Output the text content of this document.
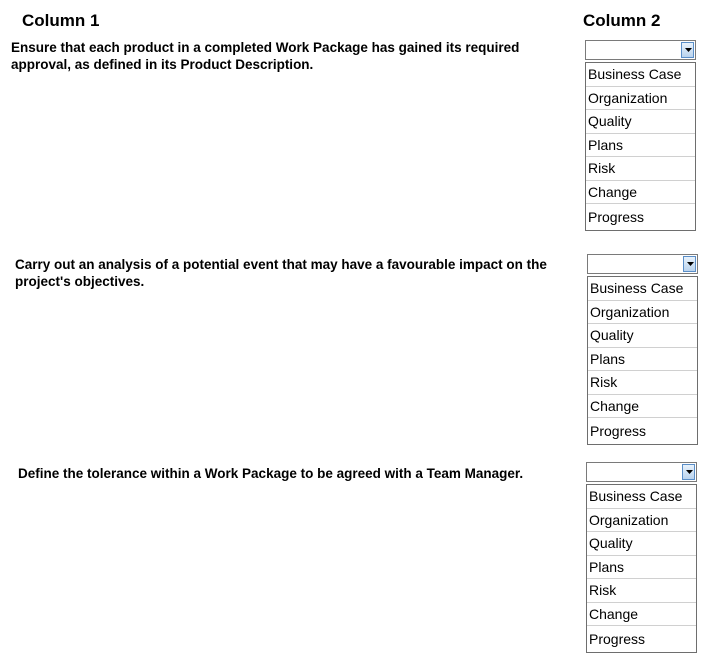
Column 1	Column 2
Ensure that each product in a completed Work Package has gained its required approval, as defined in its Product Description.
Business Case
Organization
Quality
Plans
Risk
Change
Progress
Carry out an analysis of a potential event that may have a favourable impact on the project's objectives.	Business Case
Organization
Quality
Plans
Risk
Change
Progress
Define the tolerance within a Work Package to be agreed with a Team Manager.
Business Case
Organization
Quality
Plans
Risk
Change
Progress
